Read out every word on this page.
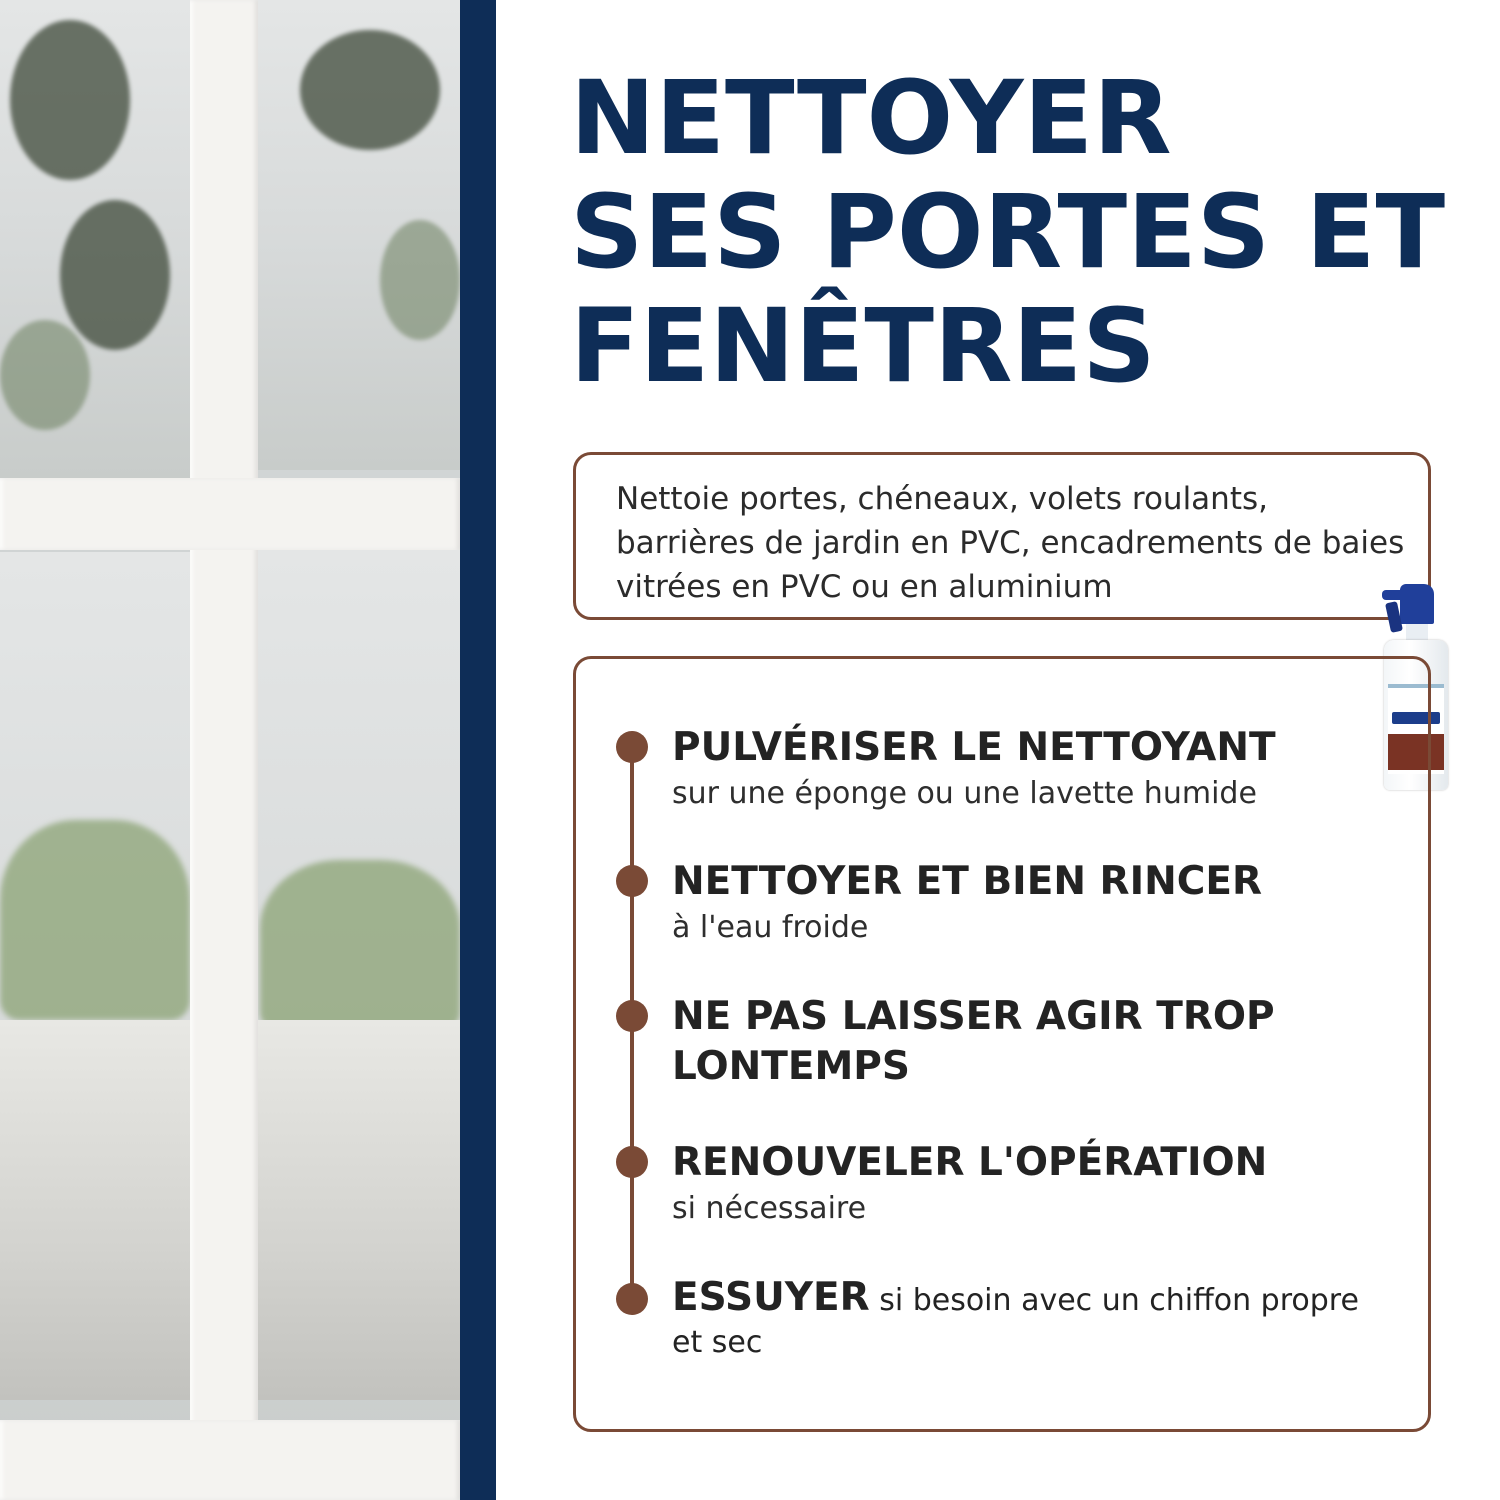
NETTOYER
SES PORTES ET
FENÊTRES

Nettoie portes, chéneaux, volets roulants, barrières de jardin en PVC, encadrements de baies vitrées en PVC ou en aluminium

PULVÉRISER LE NETTOYANT
sur une éponge ou une lavette humide
NETTOYER ET BIEN RINCER
à l'eau froide
NE PAS LAISSER AGIR TROP LONTEMPS
RENOUVELER L'OPÉRATION
si nécessaire
ESSUYER si besoin avec un chiffon propre et sec
